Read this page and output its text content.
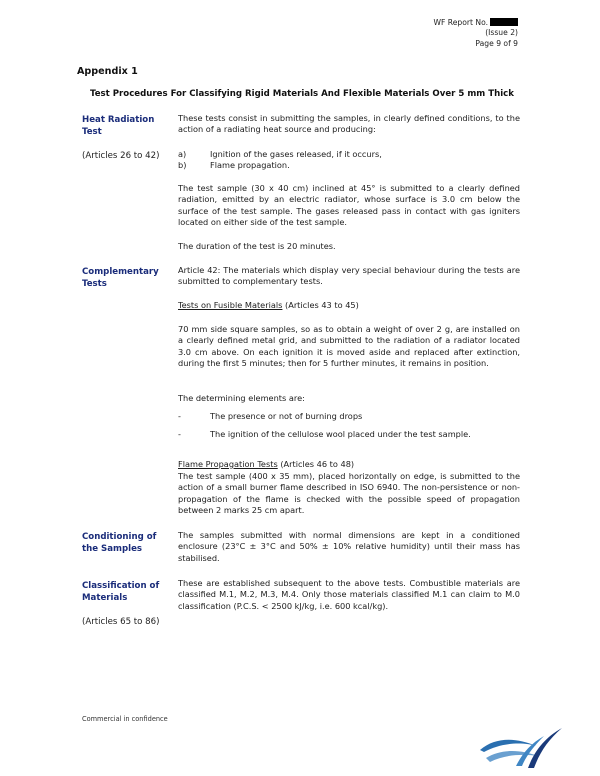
WF Report No.
(Issue 2)
Page 9 of 9
Appendix 1
Test Procedures For Classifying Rigid Materials And Flexible Materials Over 5 mm Thick
Heat Radiation Test
(Articles 26 to 42)
These tests consist in submitting the samples, in clearly defined conditions, to the action of a radiating heat source and producing:
a)	Ignition of the gases released, if it occurs,
b)	Flame propagation.
The test sample (30 x 40 cm) inclined at 45° is submitted to a clearly defined radiation, emitted by an electric radiator, whose surface is 3.0 cm below the surface of the test sample. The gases released pass in contact with gas igniters located on either side of the test sample.
The duration of the test is 20 minutes.
Complementary Tests
Article 42: The materials which display very special behaviour during the tests are submitted to complementary tests.
Tests on Fusible Materials (Articles 43 to 45)
70 mm side square samples, so as to obtain a weight of over 2 g, are installed on a clearly defined metal grid, and submitted to the radiation of a radiator located 3.0 cm above. On each ignition it is moved aside and replaced after extinction, during the first 5 minutes; then for 5 further minutes, it remains in position.
The determining elements are:
-	The presence or not of burning drops
-	The ignition of the cellulose wool placed under the test sample.
Flame Propagation Tests (Articles 46 to 48)
The test sample (400 x 35 mm), placed horizontally on edge, is submitted to the action of a small burner flame described in ISO 6940. The non-persistence or non-propagation of the flame is checked with the possible speed of propagation between 2 marks 25 cm apart.
Conditioning of the Samples
The samples submitted with normal dimensions are kept in a conditioned enclosure (23°C ± 3°C and 50% ± 10% relative humidity) until their mass has stabilised.
Classification of Materials
(Articles 65 to 86)
These are established subsequent to the above tests. Combustible materials are classified M.1, M.2, M.3, M.4. Only those materials classified M.1 can claim to M.0 classification (P.C.S. < 2500 kJ/kg, i.e. 600 kcal/kg).
Commercial in confidence
